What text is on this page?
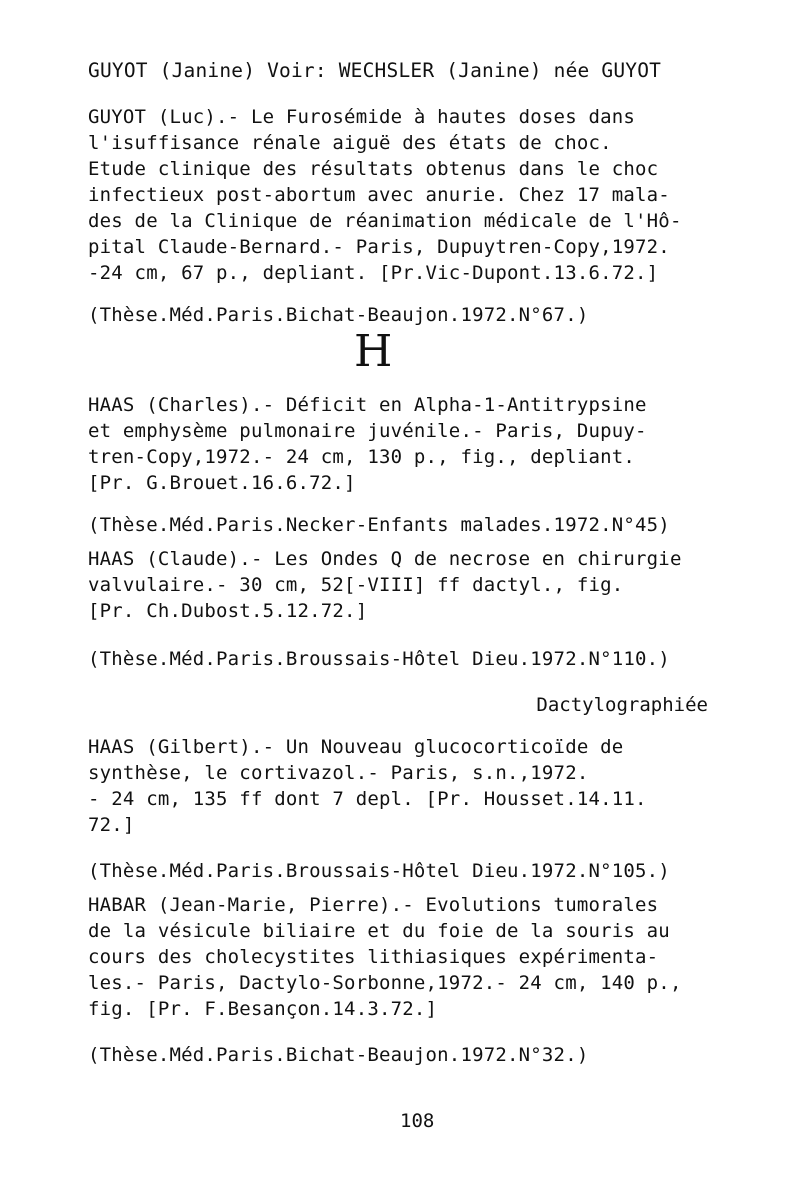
GUYOT (Janine) Voir: WECHSLER (Janine) née GUYOT
GUYOT (Luc).- Le Furosémide à hautes doses dans
l'isuffisance rénale aiguë des états de choc.
Etude clinique des résultats obtenus dans le choc
infectieux post-abortum avec anurie. Chez 17 mala-
des de la Clinique de réanimation médicale de l'Hô-
pital Claude-Bernard.- Paris, Dupuytren-Copy,1972.
-24 cm, 67 p., depliant. [Pr.Vic-Dupont.13.6.72.]
(Thèse.Méd.Paris.Bichat-Beaujon.1972.N°67.)
H
HAAS (Charles).- Déficit en Alpha-1-Antitrypsine
et emphysème pulmonaire juvénile.- Paris, Dupuy-
tren-Copy,1972.- 24 cm, 130 p., fig., depliant.
[Pr. G.Brouet.16.6.72.]
(Thèse.Méd.Paris.Necker-Enfants malades.1972.N°45)
HAAS (Claude).- Les Ondes Q de necrose en chirurgie
valvulaire.- 30 cm, 52[-VIII] ff dactyl., fig.
[Pr. Ch.Dubost.5.12.72.]
(Thèse.Méd.Paris.Broussais-Hôtel Dieu.1972.N°110.)
Dactylographiée
HAAS (Gilbert).- Un Nouveau glucocorticoïde de
synthèse, le cortivazol.- Paris, s.n.,1972.
- 24 cm, 135 ff dont 7 depl. [Pr. Housset.14.11.
72.]
(Thèse.Méd.Paris.Broussais-Hôtel Dieu.1972.N°105.)
HABAR (Jean-Marie, Pierre).- Evolutions tumorales
de la vésicule biliaire et du foie de la souris au
cours des cholecystites lithiasiques expérimenta-
les.- Paris, Dactylo-Sorbonne,1972.- 24 cm, 140 p.,
fig. [Pr. F.Besançon.14.3.72.]
(Thèse.Méd.Paris.Bichat-Beaujon.1972.N°32.)
108
